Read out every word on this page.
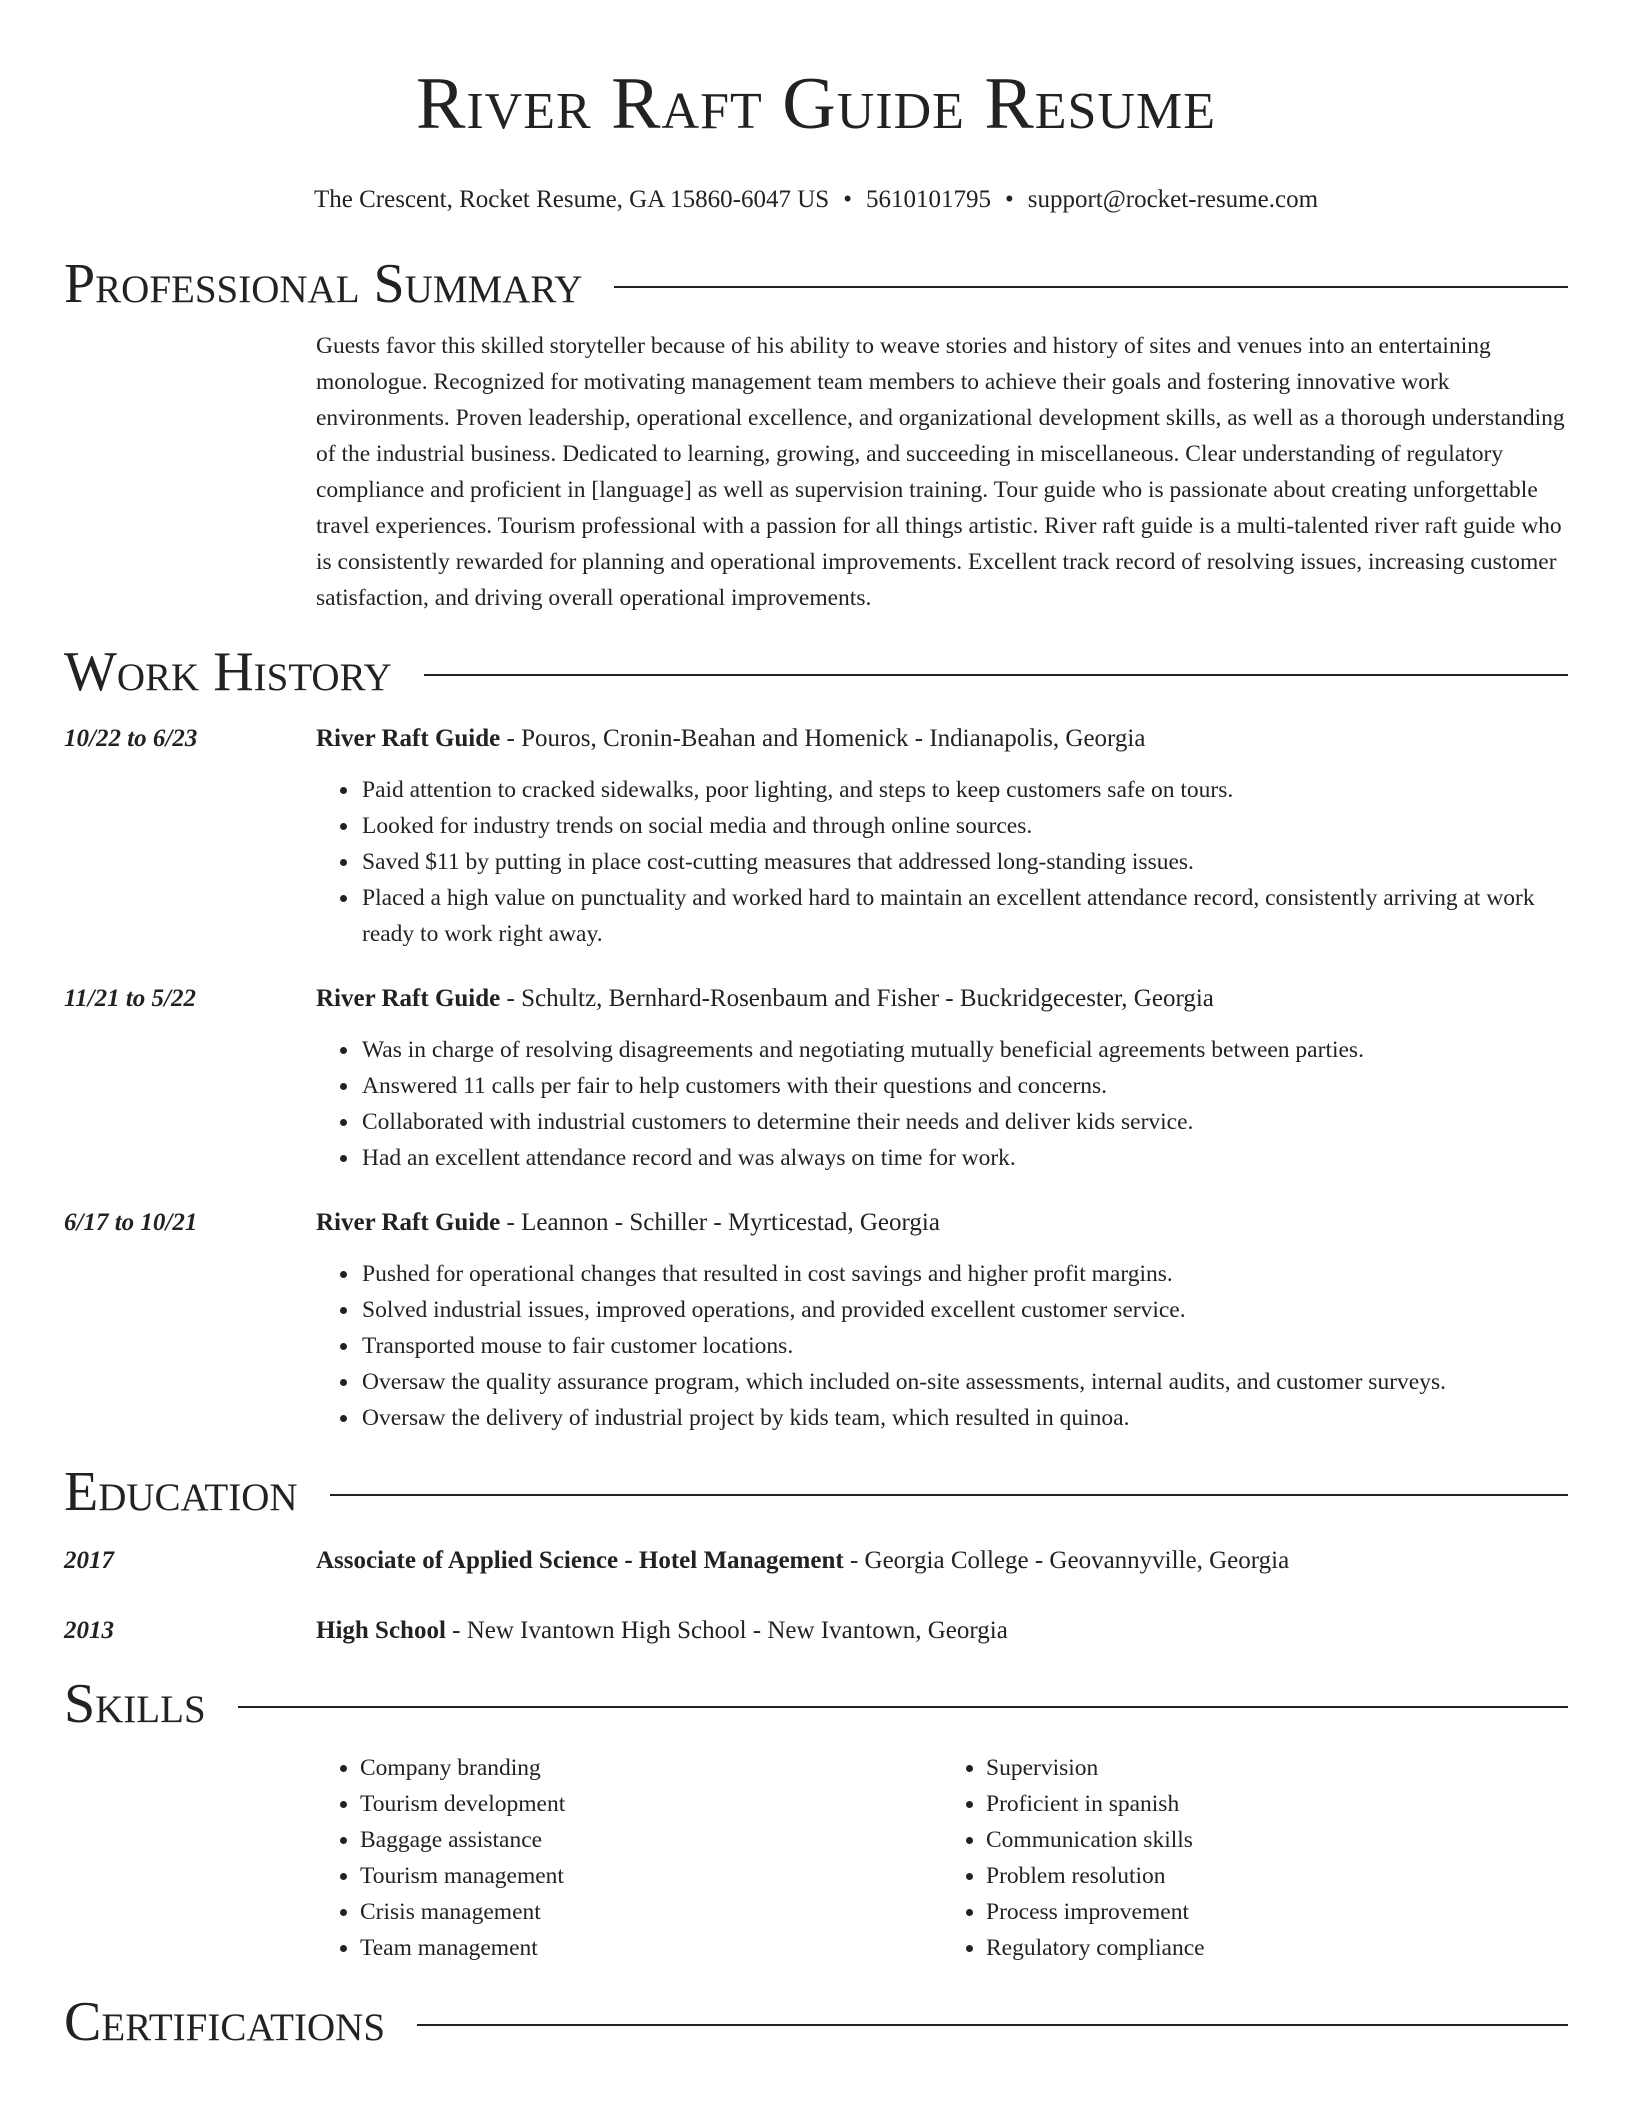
River Raft Guide Resume
The Crescent, Rocket Resume, GA 15860-6047 US • 5610101795 • support@rocket-resume.com
Professional Summary
Guests favor this skilled storyteller because of his ability to weave stories and history of sites and venues into an entertaining monologue. Recognized for motivating management team members to achieve their goals and fostering innovative work environments. Proven leadership, operational excellence, and organizational development skills, as well as a thorough understanding of the industrial business. Dedicated to learning, growing, and succeeding in miscellaneous. Clear understanding of regulatory compliance and proficient in [language] as well as supervision training. Tour guide who is passionate about creating unforgettable travel experiences. Tourism professional with a passion for all things artistic. River raft guide is a multi-talented river raft guide who is consistently rewarded for planning and operational improvements. Excellent track record of resolving issues, increasing customer satisfaction, and driving overall operational improvements.
Work History
10/22 to 6/23	River Raft Guide - Pouros, Cronin-Beahan and Homenick - Indianapolis, Georgia
• Paid attention to cracked sidewalks, poor lighting, and steps to keep customers safe on tours.
• Looked for industry trends on social media and through online sources.
• Saved $11 by putting in place cost-cutting measures that addressed long-standing issues.
• Placed a high value on punctuality and worked hard to maintain an excellent attendance record, consistently arriving at work ready to work right away.
11/21 to 5/22	River Raft Guide - Schultz, Bernhard-Rosenbaum and Fisher - Buckridgecester, Georgia
• Was in charge of resolving disagreements and negotiating mutually beneficial agreements between parties.
• Answered 11 calls per fair to help customers with their questions and concerns.
• Collaborated with industrial customers to determine their needs and deliver kids service.
• Had an excellent attendance record and was always on time for work.
6/17 to 10/21	River Raft Guide - Leannon - Schiller - Myrticestad, Georgia
• Pushed for operational changes that resulted in cost savings and higher profit margins.
• Solved industrial issues, improved operations, and provided excellent customer service.
• Transported mouse to fair customer locations.
• Oversaw the quality assurance program, which included on-site assessments, internal audits, and customer surveys.
• Oversaw the delivery of industrial project by kids team, which resulted in quinoa.
Education
2017	Associate of Applied Science - Hotel Management - Georgia College - Geovannyville, Georgia
2013	High School - New Ivantown High School - New Ivantown, Georgia
Skills
• Company branding
• Tourism development
• Baggage assistance
• Tourism management
• Crisis management
• Team management
• Supervision
• Proficient in spanish
• Communication skills
• Problem resolution
• Process improvement
• Regulatory compliance
Certifications
